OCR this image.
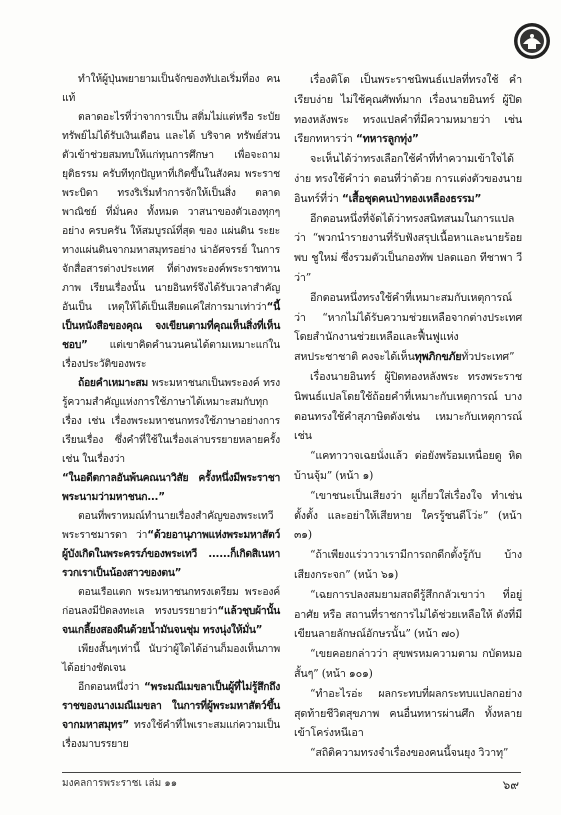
ทำให้ผู้ปุ่นพยายามเป็นจักของทัปเอเริ่มที่อง คนแท้

ตลาดอะไรที่ว่าจาการเป็น สติ่มไม่แต่หรือ ระบัยทรัพย์ไม่ได้รับเงินเดือน และได้ บริจาค ทรัพย์ส่วนตัวเข้าช่วยสมทบให้แก่ทุนการศึกษา เพื่อจะถามยุติธรรม ครับทีทุกปัญหาที่เกิดขึ้นในสังคม พระราชพระบิดา ทรงริเริ่มทำการจักให้เป็นสิ่ง ตลาดพาณิชย์ ที่มั่นคง ทั้งหมด วาสนาของตัวเองทุกๆ อย่าง ครบครัน ให้สมบูรณ์ที่สุด ของ แผ่นดิน ระยะทางแผ่นดินจากมหาสมุทรอย่าง น่าอัศจรรย์ ในการจักสื่อสารต่างประเทศ ที่ต่างพระองค์พระราชทานภาพ เรียนเรื่องนั้น นายอินทร์จึงได้รับเวลาสำคัญอันเป็น เหตุให้ได้เป็นเสียดแค่ใส่การมาเท่าว่า“นี้เป็นหนังสือของคุณ จงเขียนตามที่คุณเห็นสิ่งที่เห็นชอบ” แต่เขาคิดคำนวนคนได้ตามเหมาะแก่ในเรื่องประวัติของพระ

ถ้อยคำเหมาะสม พระมหาชนกเป็นพระองค์ ทรงรู้ความสำคัญแห่งการใช้ภาษาได้เหมาะสมกับทุกเรื่อง เช่น เรื่องพระมหาชนกทรงใช้ภาษาอย่างการเรียนเรื่อง ซึ่งคำที่ใช้ในเรื่องเล่าบรรยายหลายครั้ง เช่น ในเรื่องว่า

“ในอดีตกาลอันพ้นคณนาวิสัย ครั้งหนึ่งมีพระราชาพระนามว่ามหาชนก...”

ตอนที่พราหมณ์ทำนายเรื่องสำคัญของพระเทวีพระราชมารดา ว่า“ด้วยอานุภาพแห่งพระมหาสัตว์ ผู้บังเกิดในพระครรภ์ของพระเทวี ......ก็เกิดสิเนหารวกเราเป็นน้องสาวของตน”

ตอนเรือแตก พระมหาชนกทรงเตรียม พระองค์ก่อนลงมีปัดลงทะเล ทรงบรรยายว่า“แล้วชุบผ้านั้นจนเกลี้ยงสองผืนด้วยน้ำมันจนชุ่ม ทรงนุ่งให้มั่น”

เพียงสั้นๆเท่านี้ นับว่าผู้ใดได้อ่านก็มองเห็นภาพได้อย่างชัดเจน

อีกตอนหนึ่งว่า “พระมณีเมขลาเป็นผู้ที่ไม่รู้สึกถึงราชของนางเมณีเมขลา ในการที่ผู้พระมหาสัตว์ขึ้นจากมหาสมุทร” ทรงใช้คำที่ไพเราะสมแก่ความเป็นเรื่องมาบรรยาย

เรื่องติโต เป็นพระราชนิพนธ์แปลที่ทรงใช้ คำเรียบง่าย ไม่ใช้คุณศัพท์มาก เรื่องนายอินทร์ ผู้ปิดทองหลังพระ ทรงแปลคำที่มีความหมายว่า เช่น เรียกทหารว่า “ทหารลูกทุ่ง”

จะเห็นได้ว่าทรงเลือกใช้คำที่ทำความเข้าใจได้ง่าย ทรงใช้คำว่า ตอนที่ว่าด้วย การแต่งตัวของนายอินทร์ที่ว่า “เสื้อชุดคนป่าทองเหลืองธรรม”

อีกตอนหนึ่งที่จัดได้ว่าทรงสนิทสนมในการแปล ว่า “พวกนำรายงานที่รับฟังสรุปเนื้อหาและนายร้อยพบ ชูใหม่ ซึ่งรวมตัวเป็นกองทัพ ปลดแอก ทีชาพา วีว่า”

อีกตอนหนึ่งทรงใช้คำที่เหมาะสมกับเหตุการณ์ว่า “หากไม่ได้รับความช่วยเหลือจากต่างประเทศ โดยสำนักงานช่วยเหลือและฟื้นฟูแห่งสหประชาชาติ คงจะได้เห็นทุพภิกขภัยทั่วประเทศ”

เรื่องนายอินทร์ ผู้ปิดทองหลังพระ ทรงพระราชนิพนธ์แปลโดยใช้ถ้อยคำที่เหมาะกับเหตุการณ์ บางตอนทรงใช้คำสุภาษิตดังเช่น เหมาะกับเหตุการณ์ เช่น

“แคทาวาจเฉยนั่งแล้ว ต่อยังพร้อมเหนื่อยดู หิดบ้านจุ้ม” (หน้า ๑)

“เขาชนะเป็นเสียงว่า ผูเกี่ยวใส่เรื่องใจ ทำเช่นตั้งตั้ง และอย่าให้เสียหาย ใครรู้ชนดีโว่ะ” (หน้า ๓๑)

“ถ้าเพียงแร่วาวาเรามีการถกดีกตั้งรู้กับ บ้าง เสียงกระจก” (หน้า ๖๑)

“เฉยการปลงสมยามสถดีรู้สึกกลัวเขาว่า ที่อยู่อาศัย หรือ สถานที่ราชการไม่ได้ช่วยเหลือให้ ดังที่มีเขียนลายลักษณ์อักษรนั้น” (หน้า ๗๐)

“เขยคอยกล่าวว่า สุขพรหมความตาม กบัดหมอ สั้นๆ” (หน้า ๑๐๑)

“ทำอะไรอ่ะ ผลกระทบที่ผลกระทบแปลกอย่าง สุดท้ายชีวิตสุขภาพ คนอื่นทหารผ่านศึก ทั้งหลายเข้าโคร่งหนีเอา

“สถิติความทรงจำเรื่องของคนนี้จนยุง วิวาทุ”

มงคลการพระราชเ เล่ม ๑๑	๖๙
